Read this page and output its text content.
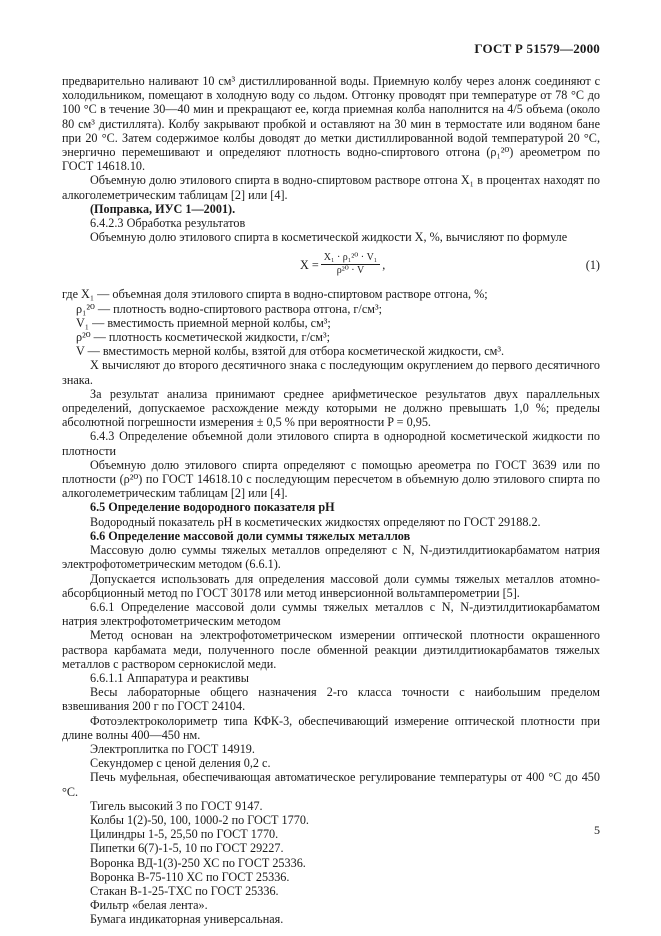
ГОСТ Р 51579—2000

предварительно наливают 10 см³ дистиллированной воды. Приемную колбу через алонж соединяют с холодильником, помещают в холодную воду со льдом. Отгонку проводят при температуре от 78 °С до 100 °С в течение 30—40 мин и прекращают ее, когда приемная колба наполнится на 4/5 объема (около 80 см³ дистиллята). Колбу закрывают пробкой и оставляют на 30 мин в термостате или водяном бане при 20 °С. Затем содержимое колбы доводят до метки дистиллированной водой температурой 20 °С, энергично перемешивают и определяют плотность водно-спиртового отгона (ρ₁²⁰) ареометром по ГОСТ 14618.10.

Объемную долю этилового спирта в водно-спиртовом растворе отгона X₁ в процентах находят по алкоголеметрическим таблицам [2] или [4].

(Поправка, ИУС 1—2001).

6.4.2.3 Обработка результатов

Объемную долю этилового спирта в косметической жидкости X, %, вычисляют по формуле

$X = \frac{\text{X₁ · ρ₁²⁰ · V₁}}{\text{ρ²⁰ · V}}$ ,	(1)

где X₁ — объемная доля этилового спирта в водно-спиртовом растворе отгона, %;

ρ₁²⁰ — плотность водно-спиртового раствора отгона, г/см³;

V₁ — вместимость приемной мерной колбы, см³;

ρ²⁰ — плотность косметической жидкости, г/см³;

V — вместимость мерной колбы, взятой для отбора косметической жидкости, см³.

X вычисляют до второго десятичного знака с последующим округлением до первого десятичного знака.

За результат анализа принимают среднее арифметическое результатов двух параллельных определений, допускаемое расхождение между которыми не должно превышать 1,0 %; пределы абсолютной погрешности измерения ± 0,5 % при вероятности P = 0,95.

6.4.3 Определение объемной доли этилового спирта в однородной косметической жидкости по плотности

Объемную долю этилового спирта определяют с помощью ареометра по ГОСТ 3639 или по плотности (ρ²⁰) по ГОСТ 14618.10 с последующим пересчетом в объемную долю этилового спирта по алкоголеметрическим таблицам [2] или [4].

6.5 Определение водородного показателя рН

Водородный показатель рН в косметических жидкостях определяют по ГОСТ 29188.2.

6.6 Определение массовой доли суммы тяжелых металлов

Массовую долю суммы тяжелых металлов определяют с N, N-диэтилдитиокарбаматом натрия электрофотометрическим методом (6.6.1).

Допускается использовать для определения массовой доли суммы тяжелых металлов атомно-абсорбционный метод по ГОСТ 30178 или метод инверсионной вольтамперометрии [5].

6.6.1 Определение массовой доли суммы тяжелых металлов с N, N-диэтилдитиокарбаматом натрия электрофотометрическим методом

Метод основан на электрофотометрическом измерении оптической плотности окрашенного раствора карбамата меди, полученного после обменной реакции диэтилдитиокарбаматов тяжелых металлов с раствором сернокислой меди.

6.6.1.1 Аппаратура и реактивы

Весы лабораторные общего назначения 2-го класса точности с наибольшим пределом взвешивания 200 г по ГОСТ 24104.

Фотоэлектроколориметр типа КФК-3, обеспечивающий измерение оптической плотности при длине волны 400—450 нм.

Электроплитка по ГОСТ 14919.

Секундомер с ценой деления 0,2 с.

Печь муфельная, обеспечивающая автоматическое регулирование температуры от 400 °С до 450 °С.

Тигель высокий 3 по ГОСТ 9147.

Колбы 1(2)-50, 100, 1000-2 по ГОСТ 1770.

Цилиндры 1-5, 25,50 по ГОСТ 1770.

Пипетки 6(7)-1-5, 10 по ГОСТ 29227.

Воронка ВД-1(3)-250 ХС по ГОСТ 25336.

Воронка В-75-110 ХС по ГОСТ 25336.

Стакан В-1-25-ТХС по ГОСТ 25336.

Фильтр «белая лента».

Бумага индикаторная универсальная.

5
